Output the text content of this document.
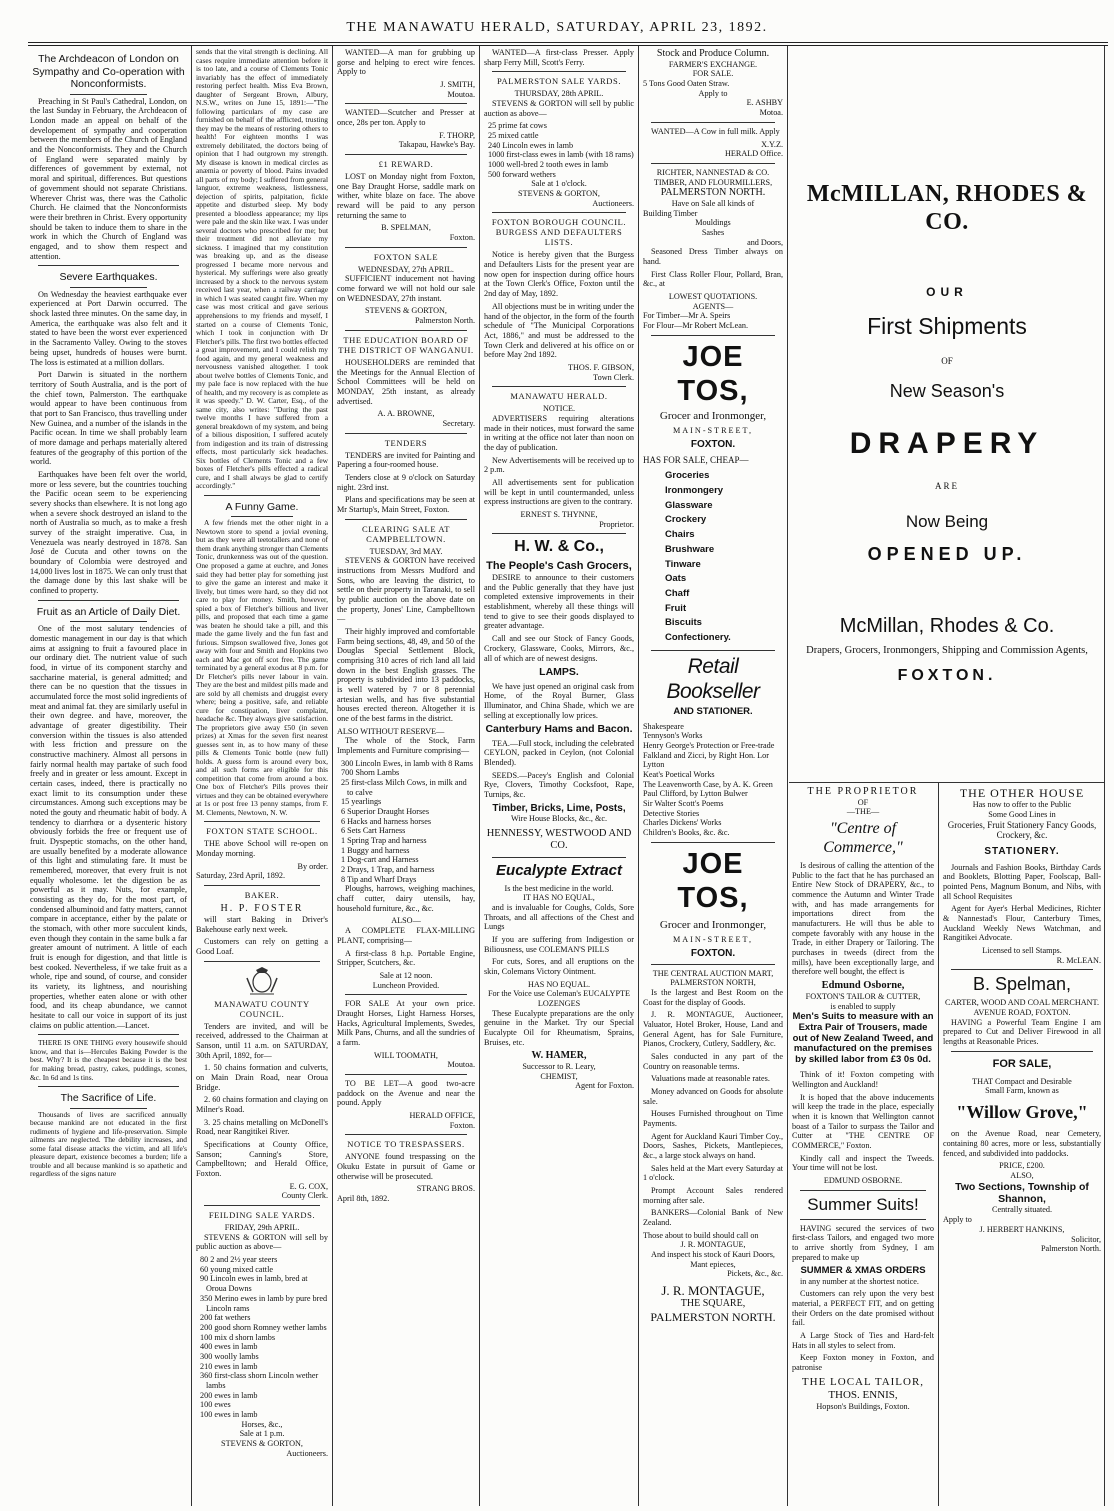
THE MANAWATU HERALD, SATURDAY, APRIL 23, 1892.
The Archdeacon of London on Sympathy and Co-operation with Nonconformists.

Preaching in St Paul's Cathedral, London, on the last Sunday in February, the Archdeacon of London made an appeal on behalf of the developement of sympathy and cooperation between the members of the Church of England and the Nonconformists. They and the Church of England were separated mainly by differences of government by external, not moral and spiritual, differences. But questions of government should not separate Christians. Wherever Christ was, there was the Catholic Church. He claimed that the Nonconformists were their brethren in Christ. Every opportunity should be taken to induce them to share in the work in which the Church of England was engaged, and to show them respect and attention.

Severe Earthquakes.

On Wednesday the heaviest earthquake ever experienced at Port Darwin occurred. The shock lasted three minutes. On the same day, in America, the earthquake was also felt and it stated to have been the worst ever experienced in the Sacramento Valley. Owing to the stoves being upset, hundreds of houses were burnt. The loss is estimated at a million dollars.

Port Darwin is situated in the northern territory of South Australia, and is the port of the chief town, Palmerston. The earthquake would appear to have been continuous from that port to San Francisco, thus travelling under New Guinea, and a number of the islands in the Pacific ocean. In time we shall probably learn of more damage and perhaps materially altered features of the geography of this portion of the world.

Earthquakes have been felt over the world, more or less severe, but the countries touching the Pacific ocean seem to be experiencing severy shocks than elsewhere. It is not long ago when a severe shock destroyed an island to the north of Australia so much, as to make a fresh survey of the straight imperative. Cua, in Venezuela was nearly destroyed in 1878. San José de Cucuta and other towns on the boundary of Colombia were destroyed and 14,000 lives lost in 1875. We can only trust that the damage done by this last shake will be confined to property.

Fruit as an Article of Daily Diet.

One of the most salutary tendencies of domestic management in our day is that which aims at assigning to fruit a favoured place in our ordinary diet. The nutrient value of such food, in virtue of its component starchy and saccharine material, is general admitted; and there can be no question that the tissues in accumulated force the most solid ingredients of meat and animal fat. they are similarly useful in their own degree. and have, moreover, the advantage of greater digestibility. Their conversion within the tissues is also attended with less friction and pressure on the constructive machinery. Almost all persons in fairly normal health may partake of such food freely and in greater or less amount. Except in certain cases, indeed, there is practically no exact limit to its consumption under these circumstances. Among such exceptions may be noted the gouty and rheumatic habit of body. A tendency to diarrhœa or a dysenteric history obviously forbids the free or frequent use of fruit. Dyspeptic stomachs, on the other hand, are usually benefited by a moderate allowance of this light and stimulating fare. It must be remembered, moreover, that every fruit is not equally wholesome. let the digestion be as powerful as it may. Nuts, for example, consisting as they do, for the most part, of condensed albuminoid and fatty matters, cannot compare in acceptance, either by the palate or the stomach, with other more succulent kinds, even though they contain in the same bulk a far greater amount of nutriment. A little of each fruit is enough for digestion, and that little is best cooked. Nevertheless, if we take fruit as a whole, ripe and sound, of course, and consider its variety, its lightness, and nourishing properties, whether eaten alone or with other food, and its cheap abundance, we cannot hesitate to call our voice in support of its just claims on public attention.—Lancet.

THERE IS ONE THING every housewife should know, and that is—Hercules Baking Powder is the best. Why? It is the cheapest because it is the best for making bread, pastry, cakes, puddings, scones, &c. In 6d and 1s tins.

The Sacrifice of Life.

Thousands of lives are sacrificed annually because mankind are not educated in the first rudiments of hygiene and life-preservation. Simple ailments are neglected. The debility increases, and some fatal disease attacks the victim, and all life's pleasure depart, existence becomes a burden; life a trouble and all because mankind is so apathetic and regardless of the signs nature

sends that the vital strength is declining. All cases require immediate attention before it is too late, and a course of Clements Tonic invariably has the effect of immediately restoring perfect health. Miss Eva Brown, daughter of Sergeant Brown, Albury, N.S.W., writes on June 15, 1891:—"The following particulars of my case are furnished on behalf of the afflicted, trusting they may be the means of restoring others to health! For eighteen months I was extremely debilitated, the doctors being of opinion that I had outgrown my strength. My disease is known in medical circles as anæmia or poverty of blood. Pains invaded all parts of my body; I suffered from general languor, extreme weakness, listlessness, dejection of spirits, palpitation, fickle appetite and disturbed sleep. My body presented a bloodless appearance; my lips were pale and the skin like wax. I was under several doctors who prescribed for me; but their treatment did not alleviate my sickness. I imagined that my constitution was breaking up, and as the disease progressed I became more nervous and hysterical. My sufferings were also greatly increased by a shock to the nervous system received last year, when a railway carriage in which I was seated caught fire. When my case was most critical and gave serious apprehensions to my friends and myself, I started on a course of Clements Tonic, which I took in conjunction with Dr Fletcher's pills. The first two bottles effected a great improvement, and I could relish my food again, and my general weakness and nervousness vanished altogether. I took about twelve bottles of Clements Tonic, and my pale face is now replaced with the hue of health, and my recovery is as complete as it was speedy." D. W. Carter, Esq., of the same city, also writes: "During the past twelve months I have suffered from a general breakdown of my system, and being of a bilious disposition, I suffered acutely from indigestion and its train of distressing effects, most particularly sick headaches. Six bottles of Clements Tonic and a few boxes of Fletcher's pills effected a radical cure, and I shall always be glad to certify accordingly."

A Funny Game.

A few friends met the other night in a Newtown store to spend a jovial evening, but as they were all teetotallers and none of them drank anything stronger than Clements Tonic, drunkenness was out of the question. One proposed a game at euchre, and Jones said they had better play for something just to give the game an interest and make it lively, but times were hard, so they did not care to play for money. Smith, however, spied a box of Fletcher's billious and liver pills, and proposed that each time a game was beaten he should take a pill, and this made the game lively and the fun fast and furious. Simpson swallowed five, Jones got away with four and Smith and Hopkins two each and Mac got off scot free. The game terminated by a general exodus at 8 p.m. for Dr Fletcher's pills never labour in vain. They are the best and mildest pills made and are sold by all chemists and druggist every where; being a positive, safe, and reliable cure for constipation, liver complaint, headache &c. They always give satisfaction. The proprietors give away £50 (in seven prizes) at Xmas for the seven first nearest guesses sent in, as to how many of these pills & Clements Tonic bottle (new full) holds. A guess form is around every box, and all such forms are eligible for this competition that come from around a box. One box of Fletcher's Pills proves their virtues and they can be obtained everywhere at 1s or post free 13 penny stamps, from F. M. Clements, Newtown, N. W.

FOXTON STATE SCHOOL.

THE above School will re-open on Monday morning.

By order.
Saturday, 23rd April, 1892.
BAKER.
H. P. FOSTER

will start Baking in Driver's Bakehouse early next week.

Customers can rely on getting a Good Loaf.

MANAWATU COUNTY COUNCIL.

Tenders are invited, and will be received, addressed to the Chairman at Sanson, until 11 a.m. on SATURDAY, 30th April, 1892, for—

1. 50 chains formation and culverts, on Main Drain Road, near Oroua Bridge.

2. 60 chains formation and claying on Milner's Road.

3. 25 chains metalling on McDonell's Road, near Rangitikei River.

Specifications at County Office, Sanson; Canning's Store, Campbelltown; and Herald Office, Foxton.

E. G. COX,
County Clerk.
FEILDING SALE YARDS.
FRIDAY, 29th APRIL.

STEVENS & GORTON will sell by public auction as above—

80 2 and 2½ year steers
60 young mixed cattle
90 Lincoln ewes in lamb, bred at Oroua Downs
350 Merino ewes in lamb by pure bred Lincoln rams
200 fat wethers
200 good shorn Romney wether lambs
100 mix d shorn lambs
400 ewes in lamb
300 woolly lambs
210 ewes in lamb
360 first-class shorn Lincoln wether lambs
200 ewes in lamb
100 ewes
100 ewes in lamb
Horses, &c.,
Sale at 1 p.m.
STEVENS & GORTON,
Auctioneers.

WANTED—A man for grubbing up gorse and helping to erect wire fences. Apply to

J. SMITH,
Moutoa.

WANTED—Scutcher and Presser at once, 28s per ton. Apply to

F. THORP,
Takapau, Hawke's Bay.
£1 REWARD.

LOST on Monday night from Foxton, one Bay Draught Horse, saddle mark on wither, white blaze on face. The above reward will be paid to any person returning the same to

B. SPELMAN,
Foxton.
FOXTON SALE
WEDNESDAY, 27th APRIL.

SUFFICIENT inducement not having come forward we will not hold our sale on WEDNESDAY, 27th instant.

STEVENS & GORTON,
Palmerston North.
THE EDUCATION BOARD OF THE DISTRICT OF WANGANUI.

HOUSEHOLDERS are reminded that the Meetings for the Annual Election of School Committees will be held on MONDAY, 25th instant, as already advertised.

A. A. BROWNE,
Secretary.
TENDERS

TENDERS are invited for Painting and Papering a four-roomed house.

Tenders close at 9 o'clock on Saturday night. 23rd inst.

Plans and specifications may be seen at Mr Startup's, Main Street, Foxton.

CLEARING SALE AT CAMPBELLTOWN.
TUESDAY, 3rd MAY.

STEVENS & GORTON have received instructions from Messrs Mudford and Sons, who are leaving the district, to settle on their property in Taranaki, to sell by public auction on the above date on the property, Jones' Line, Campbelltown—

Their highly improved and comfortable Farm being sections, 48, 49, and 50 of the Douglas Special Settlement Block, comprising 310 acres of rich land all laid down in the best English grasses. The property is subdivided into 13 paddocks, is well watered by 7 or 8 perennial artesian wells, and has five substantial houses erected thereon. Altogether it is one of the best farms in the district.

ALSO WITHOUT RESERVE—

The whole of the Stock, Farm Implements and Furniture comprising—

300 Lincoln Ewes, in lamb with 8 Rams
700 Shorn Lambs
25 first-class Milch Cows, in milk and to calve
15 yearlings
6 Superior Draught Horses
6 Hacks and harness horses
6 Sets Cart Harness
1 Spring Trap and harness
1 Buggy and harness
1 Dog-cart and Harness
2 Drays, 1 Trap, and harness
8 Tip and Wharf Drays

Ploughs, harrows, weighing machines, chaff cutter, dairy utensils, hay, household furniture, &c., &c.

ALSO—

A COMPLETE FLAX-MILLING PLANT, comprising—

A first-class 8 h.p. Portable Engine, Stripper, Scutchers, &c.

Sale at 12 noon.
Luncheon Provided.

FOR SALE At your own price. Draught Horses, Light Harness Horses, Hacks, Agricultural Implements, Swedes, Milk Pans, Churns, and all the sundries of a farm.

WILL TOOMATH,
Moutoa.

TO BE LET—A good two-acre paddock on the Avenue and near the pound. Apply

HERALD OFFICE,
Foxton.
NOTICE TO TRESPASSERS.

ANYONE found trespassing on the Okuku Estate in pursuit of Game or otherwise will be prosecuted.

STRANG BROS.
April 8th, 1892.

WANTED—A first-class Presser. Apply sharp Ferry Mill, Scott's Ferry.

PALMERSTON SALE YARDS.
THURSDAY, 28th APRIL.

STEVENS & GORTON will sell by public auction as above—

25 prime fat cows
25 mixed cattle
240 Lincoln ewes in lamb
1000 first-class ewes in lamb (with 18 rams)
1000 well-bred 2 tooth ewes in lamb
500 forward wethers
Sale at 1 o'clock.
STEVENS & GORTON,
Auctioneers.
FOXTON BOROUGH COUNCIL. BURGESS AND DEFAULTERS LISTS.

Notice is hereby given that the Burgess and Defaulters Lists for the present year are now open for inspection during office hours at the Town Clerk's Office, Foxton until the 2nd day of May, 1892.

All objections must be in writing under the hand of the objector, in the form of the fourth schedule of "The Municipal Corporations Act, 1886," and must be addressed to the Town Clerk and delivered at his office on or before May 2nd 1892.

THOS. F. GIBSON,
Town Clerk.
MANAWATU HERALD.
NOTICE.

ADVERTISERS requiring alterations made in their notices, must forward the same in writing at the office not later than noon on the day of publication.

New Advertisements will be received up to 2 p.m.

All advertisements sent for publication will be kept in until countermanded, unless express instructions are given to the contrary.

ERNEST S. THYNNE,
Proprietor.
H. W. & Co.,
The People's Cash Grocers,

DESIRE to announce to their customers and the Public generally that they have just completed extensive improvements in their establishment, whereby all these things will tend to give to see their goods displayed to greater advantage.

Call and see our Stock of Fancy Goods, Crockery, Glassware, Cooks, Mirrors, &c., all of which are of newest designs.

LAMPS.

We have just opened an original cask from Home, of the Royal Burner, Glass Illuminator, and China Shade, which we are selling at exceptionally low prices.

Canterbury Hams and Bacon.

TEA.—Full stock, including the celebrated CEYLON, packed in Ceylon, (not Colonial Blended).

SEEDS.—Pacey's English and Colonial Rye, Clovers, Timothy Cocksfoot, Rape, Turnips, &c.

Timber, Bricks, Lime, Posts,
Wire House Blocks, &c., &c.
HENNESSY, WESTWOOD AND CO.
Eucalypte Extract
Is the best medicine in the world.
IT HAS NO EQUAL,

and is invaluable for Coughs, Colds, Sore Throats, and all affections of the Chest and Lungs

If you are suffering from Indigestion or Biliousness, use COLEMAN'S PILLS

For cuts, Sores, and all eruptions on the skin, Colemans Victory Ointment.

HAS NO EQUAL.
For the Voice use Coleman's EUCALYPTE LOZENGES

These Eucalypte preparations are the only genuine in the Market. Try our Special Eucalypte Oil for Rheumatism, Sprains, Bruises, etc.

W. HAMER,
Successor to R. Leary,
CHEMIST,
Agent for Foxton.
Stock and Produce Column.
FARMER'S EXCHANGE.
FOR SALE.
5 Tons Good Oaten Straw.
Apply to
E. ASHBY
Motoa.

WANTED—A Cow in full milk. Apply

X.Y.Z.
HERALD Office.
RICHTER, NANNESTAD & CO. TIMBER, AND FLOURMILLERS,
PALMERSTON NORTH.
Have on Sale all kinds of
Building Timber
Mouldings
Sashes
and Doors,

Seasoned Dress Timber always on hand.

First Class Roller Flour, Pollard, Bran, &c., at

LOWEST QUOTATIONS.
AGENTS—
For Timber—Mr A. Speirs
For Flour—Mr Robert McLean.
JOE TOS,
Grocer and Ironmonger,
MAIN-STREET,
FOXTON.
HAS FOR SALE, CHEAP—
Groceries
Ironmongery
Glassware
Crockery
Chairs
Brushware
Tinware
Oats
Chaff
Fruit
Biscuits
Confectionery.
Retail Bookseller
AND STATIONER.
Shakespeare
Tennyson's Works
Henry George's Protection or Free-trade
Falkland and Zicci, by Right Hon. Lor Lytton
Keat's Poetical Works
The Leavenworth Case, by A. K. Green
Paul Clifford, by Lytton Bulwer
Sir Walter Scott's Poems
Detective Stories
Charles Dickens' Works
Children's Books, &c. &c.
JOE TOS,
Grocer and Ironmonger,
MAIN-STREET,
FOXTON.
THE CENTRAL AUCTION MART, PALMERSTON NORTH,

Is the largest and Best Room on the Coast for the display of Goods.

J. R. MONTAGUE, Auctioneer, Valuator, Hotel Broker, House, Land and General Agent, has for Sale Furniture, Pianos, Crockery, Cutlery, Saddlery, &c.

Sales conducted in any part of the Country on reasonable terms.

Valuations made at reasonable rates.

Money advanced on Goods for absolute sale.

Houses Furnished throughout on Time Payments.

Agent for Auckland Kauri Timber Coy., Doors, Sashes, Pickets, Mantlepieces, &c., a large stock always on hand.

Sales held at the Mart every Saturday at 1 o'clock.

Prompt Account Sales rendered morning after sale.

BANKERS—Colonial Bank of New Zealand.

Those about to build should call on
J. R. MONTAGUE,
And inspect his stock of Kauri Doors,
Mant epieces,
Pickets, &c., &c.
J. R. MONTAGUE,
THE SQUARE,
PALMERSTON NORTH.
McMILLAN, RHODES & CO.
OUR
First Shipments
OF
New Season's
DRAPERY
ARE
Now Being
OPENED UP.
McMillan, Rhodes & Co.
Drapers, Grocers, Ironmongers, Shipping and Commission Agents,
FOXTON.
THE PROPRIETOR
OF
—THE—
"Centre of Commerce,"

Is desirous of calling the attention of the Public to the fact that he has purchased an Entire New Stock of DRAPERY, &c., to commence the Autumn and Winter Trade with, and has made arrangements for importations direct from the manufacturers. He will thus be able to compete favorably with any house in the Trade, in either Drapery or Tailoring. The purchases in tweeds (direct from the mills), have been exceptionally large, and therefore well bought, the effect is

Edmund Osborne,
FOXTON'S TAILOR & CUTTER,
is enabled to supply
Men's Suits to measure with an Extra Pair of Trousers, made out of New Zealand Tweed, and manufactured on the premises by skilled labor from £3 0s 0d.

Think of it! Foxton competing with Wellington and Auckland!

It is hoped that the above inducements will keep the trade in the place, especially when it is known that Wellington cannot boast of a Tailor to surpass the Tailor and Cutter at "THE CENTRE OF COMMERCE," Foxton.

Kindly call and inspect the Tweeds. Your time will not be lost.

EDMUND OSBORNE.
Summer Suits!

HAVING secured the services of two first-class Tailors, and engaged two more to arrive shortly from Sydney, I am prepared to make up

SUMMER & XMAS ORDERS

in any number at the shortest notice.

Customers can rely upon the very best material, a PERFECT FIT, and on getting their Orders on the date promised without fail.

A Large Stock of Ties and Hard-felt Hats in all styles to select from.

Keep Foxton money in Foxton, and patronise

THE LOCAL TAILOR,
THOS. ENNIS,
Hopson's Buildings, Foxton.
THE OTHER HOUSE
Has now to offer to the Public
Some Good Lines in
Groceries, Fruit Stationery Fancy Goods, Crockery, &c.
STATIONERY.

Journals and Fashion Books, Birthday Cards and Booklets, Blotting Paper, Foolscap, Ball-pointed Pens, Magnum Bonum, and Nibs, with all School Requisites

Agent for Ayer's Herbal Medicines, Richter & Nannestad's Flour, Canterbury Times, Auckland Weekly News Watchman, and Rangitikei Advocate.

Licensed to sell Stamps.
R. McLEAN.
B. Spelman,
CARTER, WOOD AND COAL MERCHANT.
AVENUE ROAD, FOXTON.

HAVING a Powerful Team Engine I am prepared to Cut and Deliver Firewood in all lengths at Reasonable Prices.

FOR SALE,
THAT Compact and Desirable
Small Farm, known as
"Willow Grove,"

on the Avenue Road, near Cemetery, containing 80 acres, more or less, substantially fenced, and subdivided into paddocks.

PRICE, £200.
ALSO,
Two Sections, Township of Shannon,
Centrally situated.
Apply to
J. HERBERT HANKINS,
Solicitor,
Palmerston North.
